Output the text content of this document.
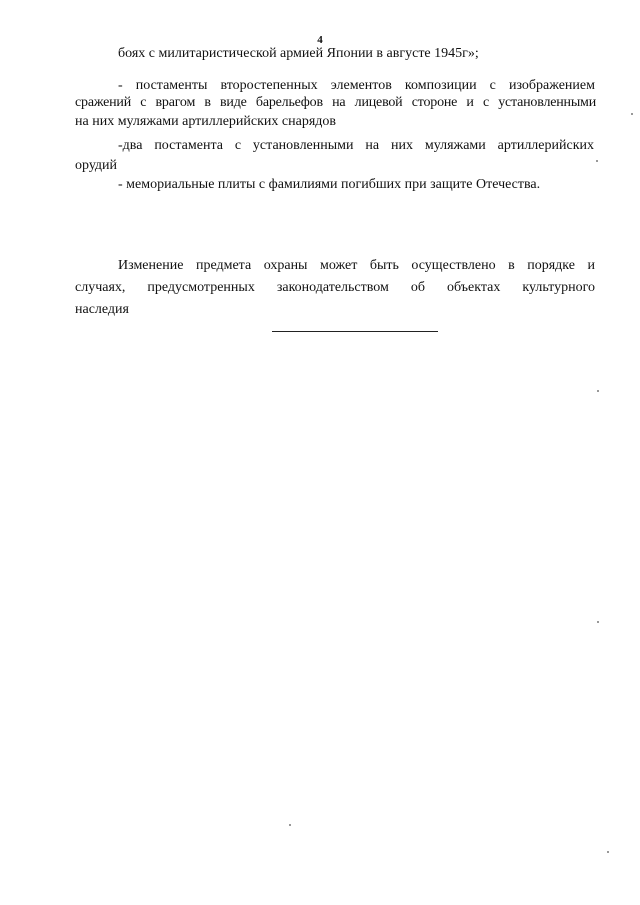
4
боях с милитаристической армией Японии в августе 1945г»;
- постаменты второстепенных элементов композиции с изображением
сражений с врагом в виде барельефов на лицевой стороне и с установленными
на них муляжами артиллерийских снарядов
-два постамента с установленными на них муляжами артиллерийских
орудий
- мемориальные плиты с фамилиями погибших при защите Отечества.
Изменение предмета охраны может быть осуществлено в порядке и
случаях, предусмотренных законодательством об объектах культурного
наследия
